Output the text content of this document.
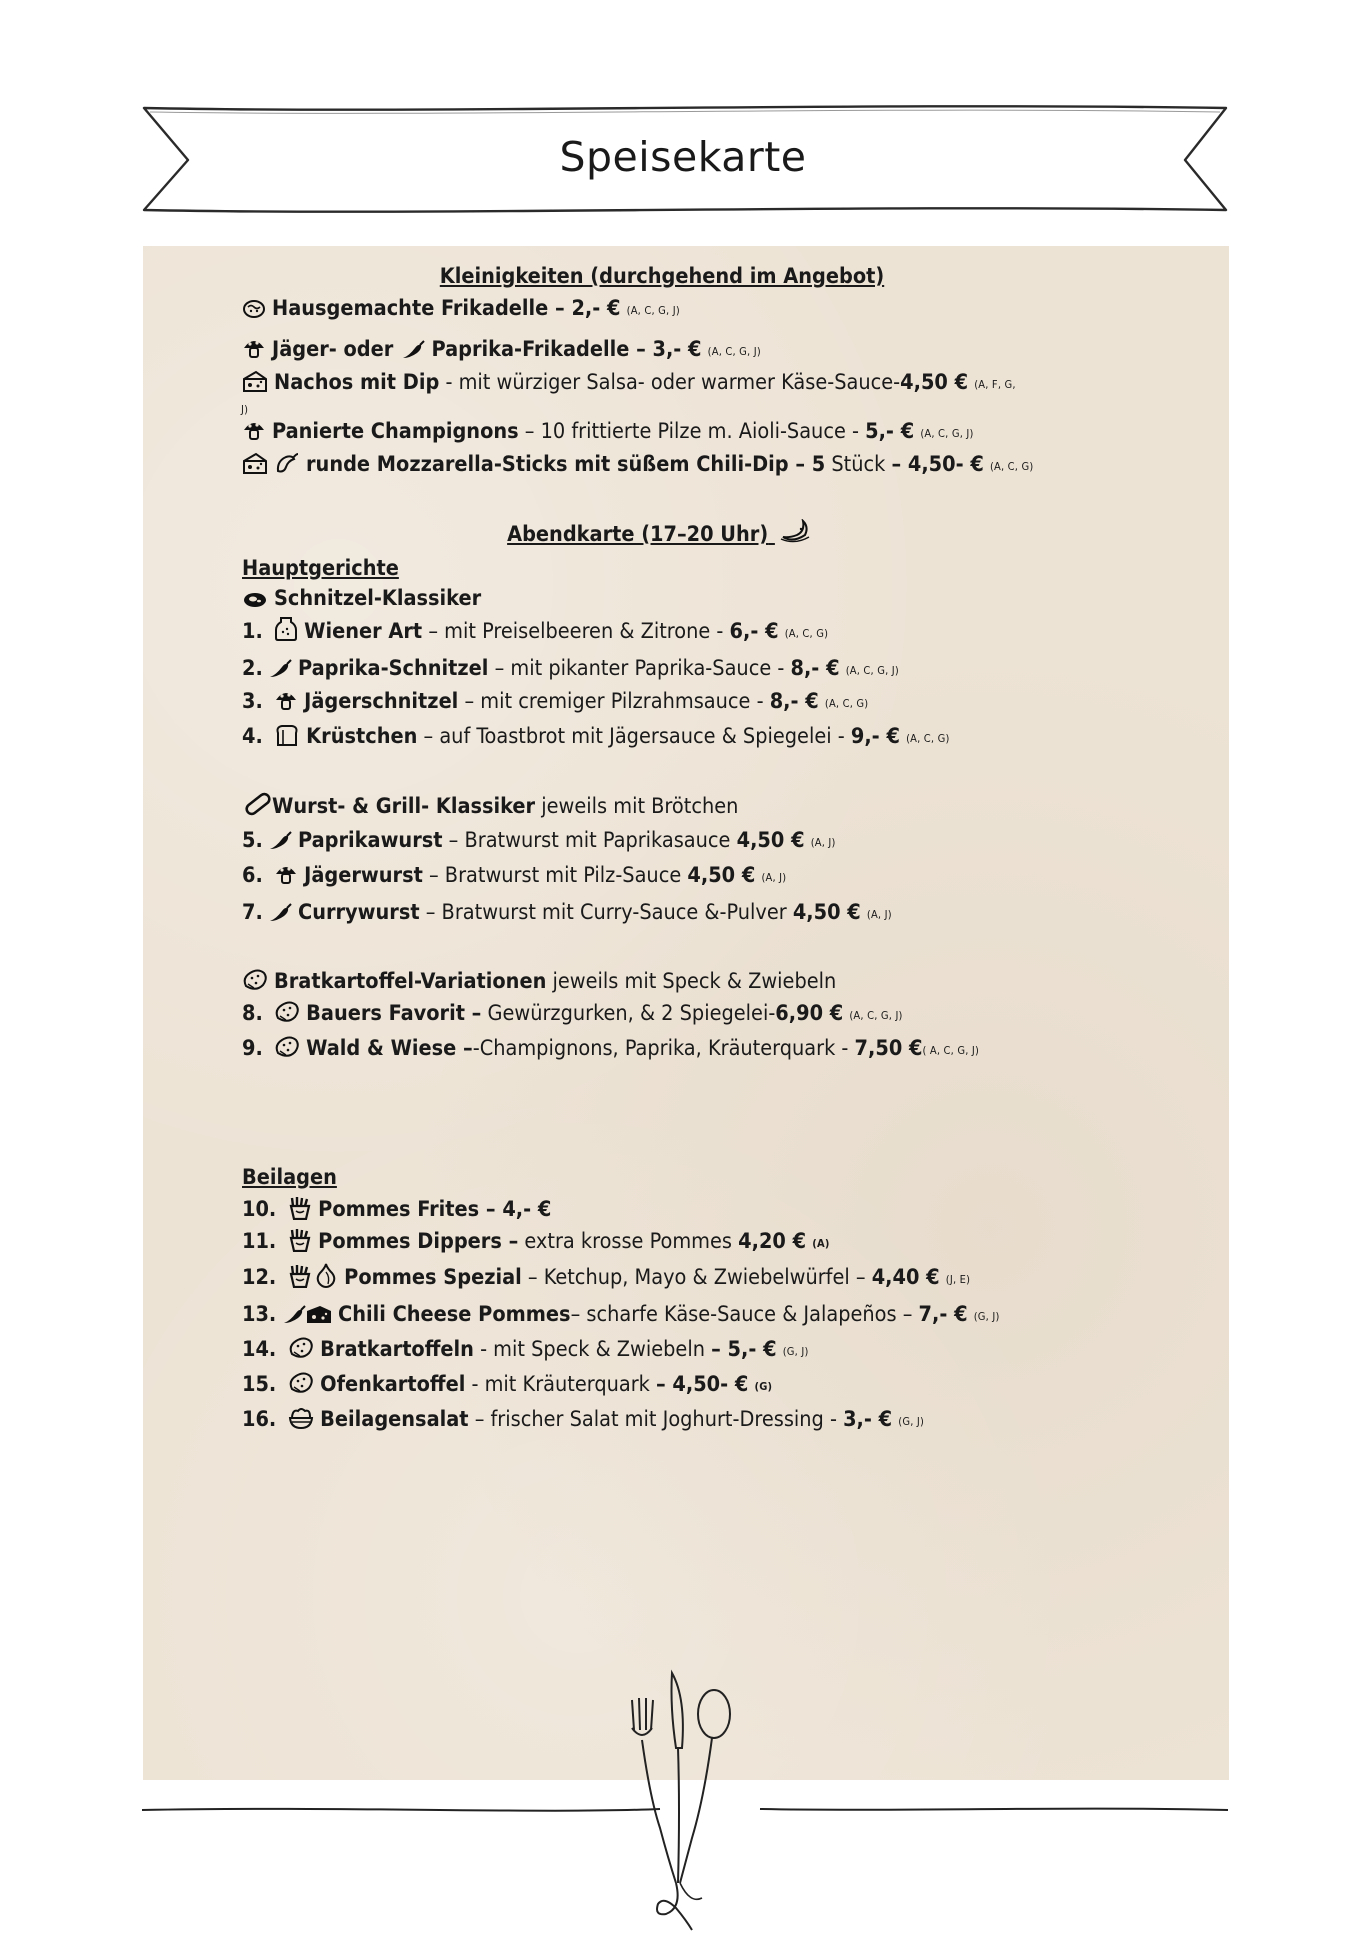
Speisekarte
Kleinigkeiten (durchgehend im Angebot)
Hausgemachte Frikadelle – 2,- € (A, C, G, J)
Jäger- oder Paprika-Frikadelle – 3,- € (A, C, G, J)
Nachos mit Dip - mit würziger Salsa- oder warmer Käse-Sauce-4,50 € (A, F, G,
J)
Panierte Champignons – 10 frittierte Pilze m. Aioli-Sauce - 5,- € (A, C, G, J)
runde Mozzarella-Sticks mit süßem Chili-Dip – 5 Stück – 4,50- € (A, C, G)
Abendkarte (17–20 Uhr)
Hauptgerichte
Schnitzel-Klassiker
1. Wiener Art – mit Preiselbeeren & Zitrone - 6,- € (A, C, G)
2. Paprika-Schnitzel – mit pikanter Paprika-Sauce - 8,- € (A, C, G, J)
3. Jägerschnitzel – mit cremiger Pilzrahmsauce - 8,- € (A, C, G)
4. Krüstchen – auf Toastbrot mit Jägersauce & Spiegelei - 9,- € (A, C, G)
Wurst- & Grill- Klassiker jeweils mit Brötchen
5. Paprikawurst – Bratwurst mit Paprikasauce 4,50 € (A, J)
6. Jägerwurst – Bratwurst mit Pilz-Sauce 4,50 € (A, J)
7. Currywurst – Bratwurst mit Curry-Sauce &-Pulver 4,50 € (A, J)
Bratkartoffel-Variationen jeweils mit Speck & Zwiebeln
8. Bauers Favorit – Gewürzgurken, & 2 Spiegelei-6,90 € (A, C, G, J)
9. Wald & Wiese –-Champignons, Paprika, Kräuterquark - 7,50 €( A, C, G, J)
Beilagen
10. Pommes Frites – 4,- €
11. Pommes Dippers – extra krosse Pommes 4,20 € (A)
12.	Pommes Spezial – Ketchup, Mayo & Zwiebelwürfel – 4,40 € (J, E)
13.	Chili Cheese Pommes– scharfe Käse-Sauce & Jalapeños – 7,- € (G, J)
14. Bratkartoffeln - mit Speck & Zwiebeln – 5,- € (G, J)
15. Ofenkartoffel - mit Kräuterquark – 4,50- € (G)
16. Beilagensalat – frischer Salat mit Joghurt-Dressing - 3,- € (G, J)
